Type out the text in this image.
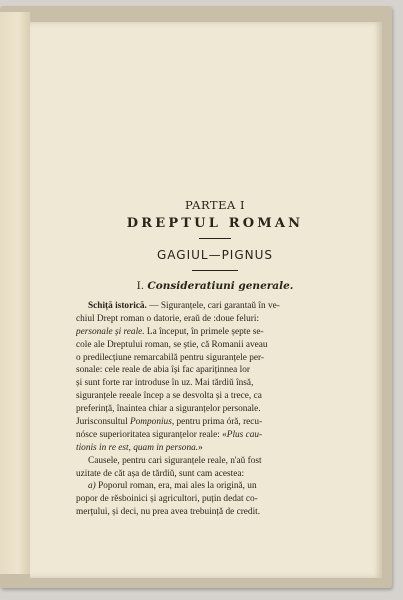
PARTEA I
DREPTUL ROMAN
GAGIUL—PIGNUS
I. Consideratiuni generale.
Schiță istorică. — Siguranțele, cari garantaŭ în ve-
chiul Drept roman o datorie, eraŭ de :doue feluri:
personale și reale. La început, în primele șepte se-
cole ale Dreptului roman, se știe, că Romanii aveau
o predilecțiune remarcabilă pentru siguranțele per-
sonale: cele reale de abia își fac apariținnea lor
și sunt forte rar introduse în uz. Mai tărdiŭ însă,
siguranțele reeale încep a se desvolta și a trece, ca
preferință, înaintea chiar a siguranțelor personale.
Jurisconsultul Pomponius, pentru prima óră, recu-
nósce superioritatea siguranțelor reale: «Plus cau-
tionis in re est, quam in persona.»
Causele, pentru cari siguranțele reale, n'aŭ fost
uzitate de căt așa de tărdiŭ, sunt cam acestea:
a) Poporul roman, era, mai ales la origină, un
popor de rĕsboinici și agricultori, puțin dedat co-
merțului, și deci, nu prea avea trebuință de credit.
